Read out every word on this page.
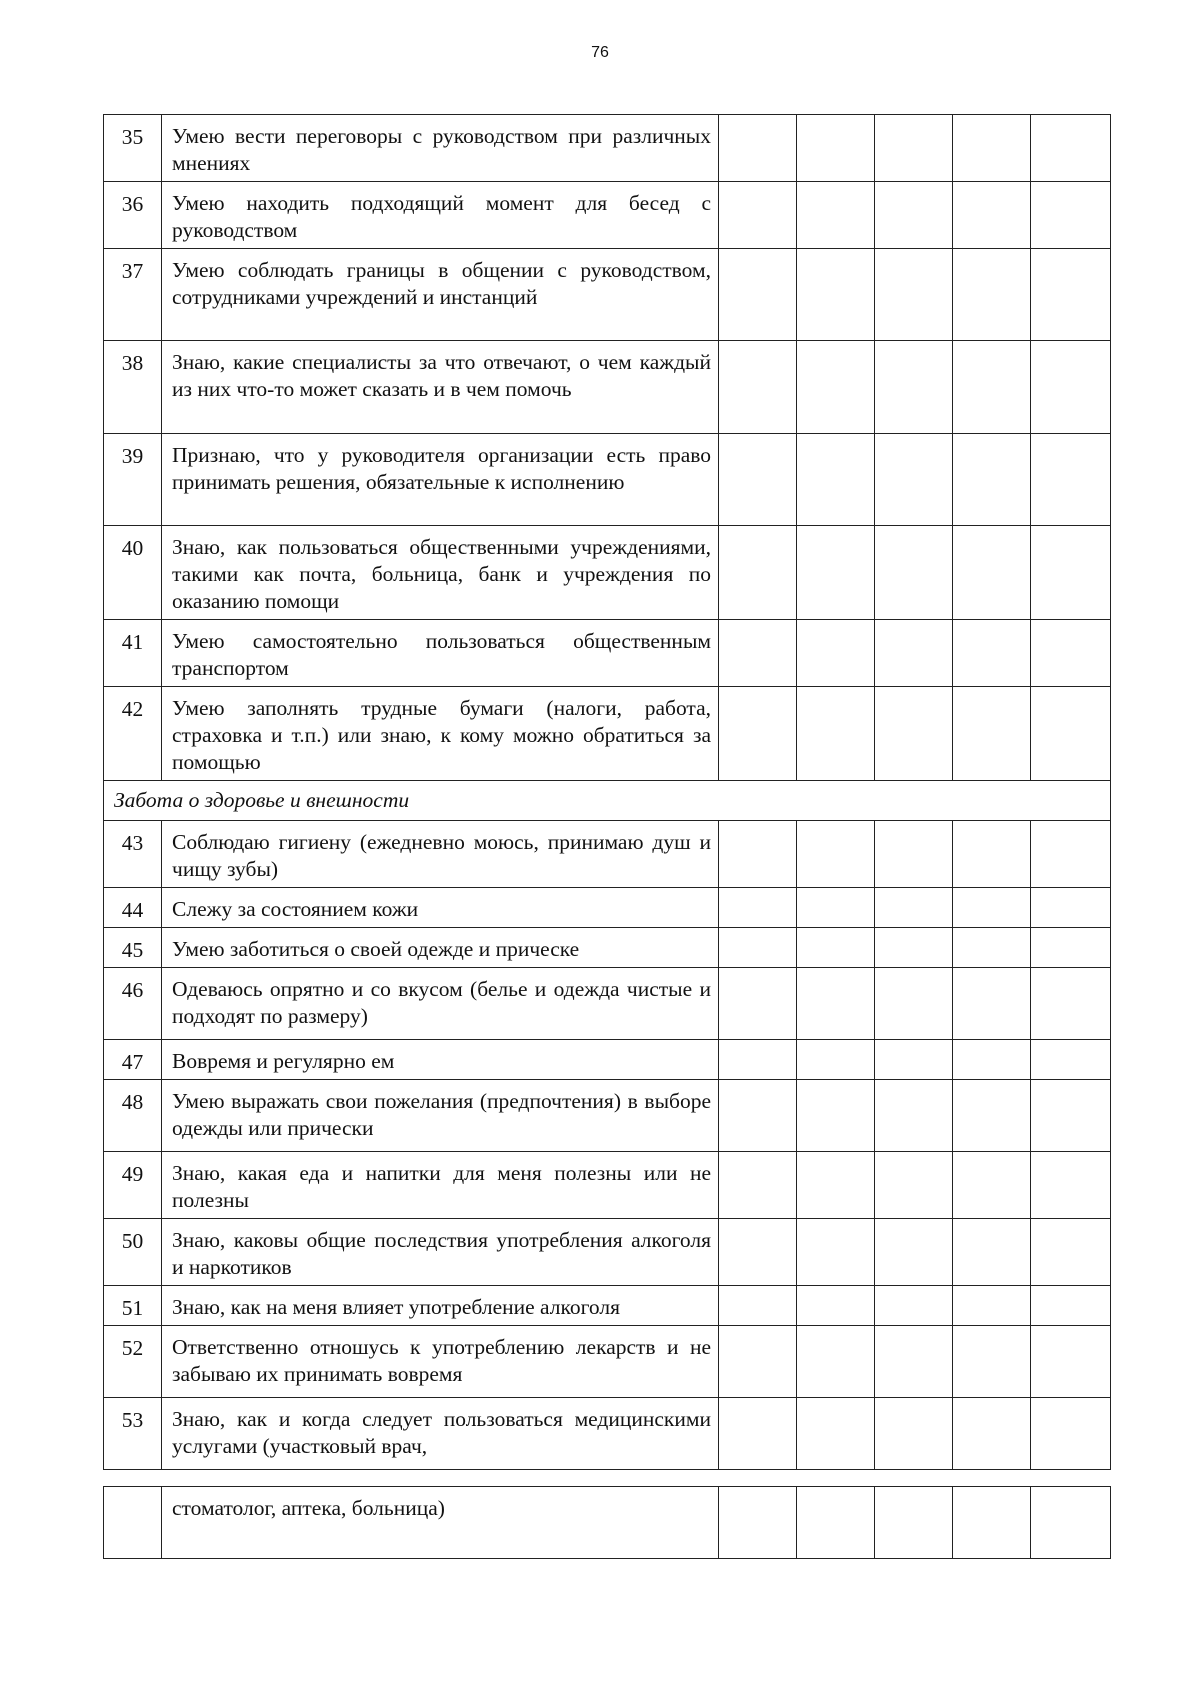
76
35	Умею вести переговоры с руководством при различных мнениях					
36	Умею находить подходящий момент для бесед с руководством					
37	Умею соблюдать границы в общении с руководством, сотрудниками учреждений и инстанций					
38	Знаю, какие специалисты за что отвечают, о чем каждый из них что-то может сказать и в чем помочь					
39	Признаю, что у руководителя организации есть право принимать решения, обязательные к исполнению					
40	Знаю, как пользоваться общественными учреждениями, такими как почта, больница, банк и учреждения по оказанию помощи					
41	Умею самостоятельно пользоваться общественным транспортом					
42	Умею заполнять трудные бумаги (налоги, работа, страховка и т.п.) или знаю, к кому можно обратиться за помощью					
Забота о здоровье и внешности						
43	Соблюдаю гигиену (ежедневно моюсь, принимаю душ и чищу зубы)					
44	Слежу за состоянием кожи					
45	Умею заботиться о своей одежде и прическе					
46	Одеваюсь опрятно и со вкусом (белье и одежда чистые и подходят по размеру)					
47	Вовремя и регулярно ем					
48	Умею выражать свои пожелания (предпочтения) в выборе одежды или прически					
49	Знаю, какая еда и напитки для меня полезны или не полезны					
50	Знаю, каковы общие последствия употребления алкоголя и наркотиков					
51	Знаю, как на меня влияет употребление алкоголя					
52	Ответственно отношусь к употреблению лекарств и не забываю их принимать вовремя					
53	Знаю, как и когда следует пользоваться медицинскими услугами (участковый врач,					
	стоматолог, аптека, больница)					
